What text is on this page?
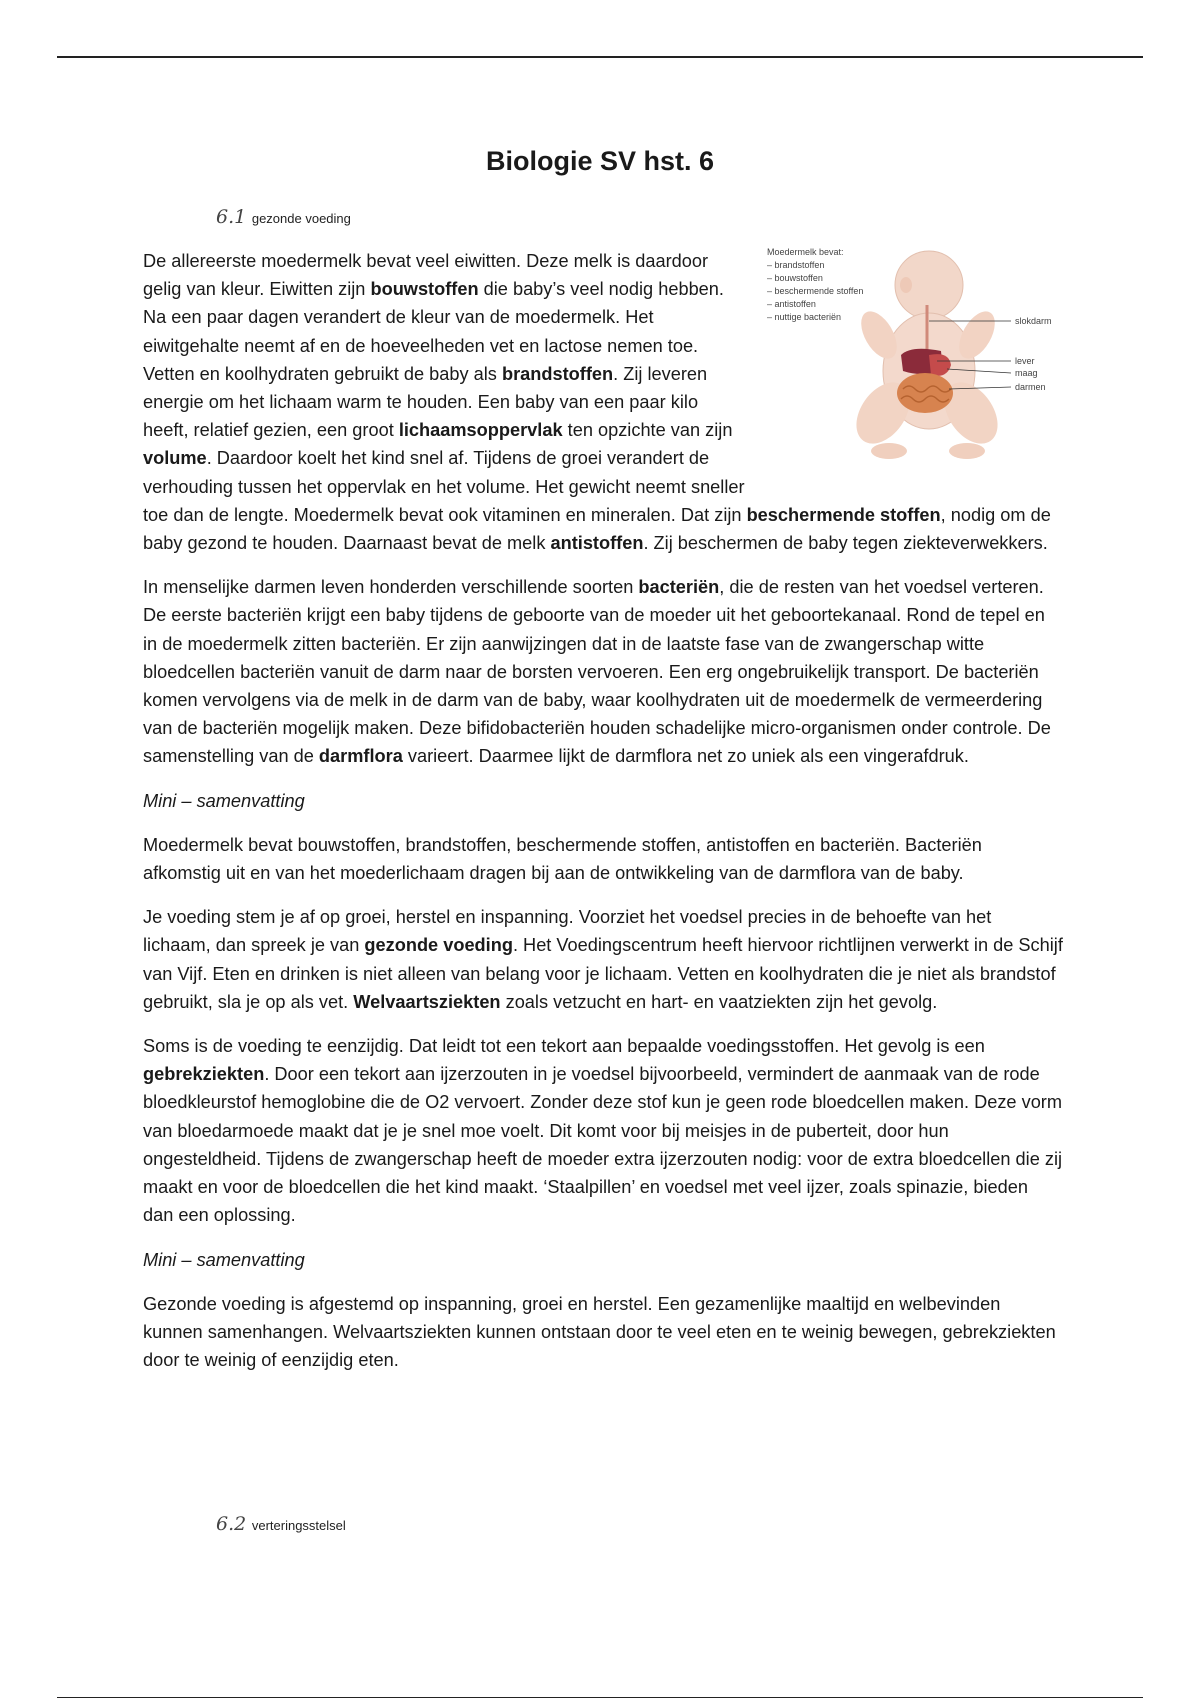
Biologie SV hst. 6
6.1 gezonde voeding
Moedermelk bevat:
– brandstoffen
– bouwstoffen
– beschermende stoffen
– antistoffen
– nuttige bacteriën	slokdarm
lever
maag
darmen

De allereerste moedermelk bevat veel eiwitten. Deze melk is daardoor gelig van kleur. Eiwitten zijn bouwstoffen die baby’s veel nodig hebben. Na een paar dagen verandert de kleur van de moedermelk. Het eiwitgehalte neemt af en de hoeveelheden vet en lactose nemen toe. Vetten en koolhydraten gebruikt de baby als brandstoffen. Zij leveren energie om het lichaam warm te houden. Een baby van een paar kilo heeft, relatief gezien, een groot lichaamsoppervlak ten opzichte van zijn volume. Daardoor koelt het kind snel af. Tijdens de groei verandert de verhouding tussen het oppervlak en het volume. Het gewicht neemt sneller toe dan de lengte. Moedermelk bevat ook vitaminen en mineralen. Dat zijn beschermende stoffen, nodig om de baby gezond te houden. Daarnaast bevat de melk antistoffen. Zij beschermen de baby tegen ziekteverwekkers.

In menselijke darmen leven honderden verschillende soorten bacteriën, die de resten van het voedsel verteren. De eerste bacteriën krijgt een baby tijdens de geboorte van de moeder uit het geboortekanaal. Rond de tepel en in de moedermelk zitten bacteriën. Er zijn aanwijzingen dat in de laatste fase van de zwangerschap witte bloedcellen bacteriën vanuit de darm naar de borsten vervoeren. Een erg ongebruikelijk transport. De bacteriën komen vervolgens via de melk in de darm van de baby, waar koolhydraten uit de moedermelk de vermeerdering van de bacteriën mogelijk maken. Deze bifidobacteriën houden schadelijke micro-organismen onder controle. De samenstelling van de darmflora varieert. Daarmee lijkt de darmflora net zo uniek als een vingerafdruk.

Mini – samenvatting

Moedermelk bevat bouwstoffen, brandstoffen, beschermende stoffen, antistoffen en bacteriën. Bacteriën afkomstig uit en van het moederlichaam dragen bij aan de ontwikkeling van de darmflora van de baby.

Je voeding stem je af op groei, herstel en inspanning. Voorziet het voedsel precies in de behoefte van het lichaam, dan spreek je van gezonde voeding. Het Voedingscentrum heeft hiervoor richtlijnen verwerkt in de Schijf van Vijf. Eten en drinken is niet alleen van belang voor je lichaam. Vetten en koolhydraten die je niet als brandstof gebruikt, sla je op als vet. Welvaartsziekten zoals vetzucht en hart- en vaatziekten zijn het gevolg.

Soms is de voeding te eenzijdig. Dat leidt tot een tekort aan bepaalde voedingsstoffen. Het gevolg is een gebrekziekten. Door een tekort aan ijzerzouten in je voedsel bijvoorbeeld, vermindert de aanmaak van de rode bloedkleurstof hemoglobine die de O2 vervoert. Zonder deze stof kun je geen rode bloedcellen maken. Deze vorm van bloedarmoede maakt dat je je snel moe voelt. Dit komt voor bij meisjes in de puberteit, door hun ongesteldheid. Tijdens de zwangerschap heeft de moeder extra ijzerzouten nodig: voor de extra bloedcellen die zij maakt en voor de bloedcellen die het kind maakt. ‘Staalpillen’ en voedsel met veel ijzer, zoals spinazie, bieden dan een oplossing.

Mini – samenvatting

Gezonde voeding is afgestemd op inspanning, groei en herstel. Een gezamenlijke maaltijd en welbevinden kunnen samenhangen. Welvaartsziekten kunnen ontstaan door te veel eten en te weinig bewegen, gebrekziekten door te weinig of eenzijdig eten.

6.2 verteringsstelsel
